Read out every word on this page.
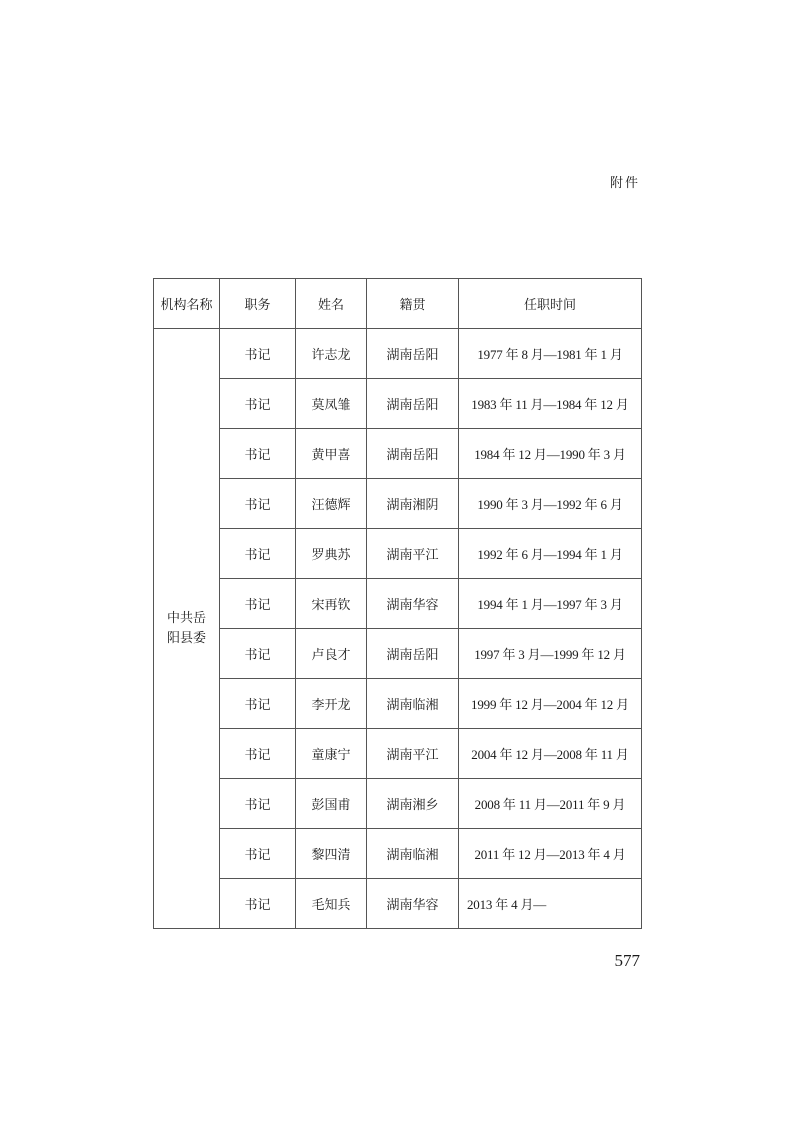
附件
机构名称	职务	姓名	籍贯	任职时间
中共岳阳县委	书记	许志龙	湖南岳阳	1977 年 8 月—1981 年 1 月
	书记	莫凤雏	湖南岳阳	1983 年 11 月—1984 年 12 月
	书记	黄甲喜	湖南岳阳	1984 年 12 月—1990 年 3 月
	书记	汪德辉	湖南湘阴	1990 年 3 月—1992 年 6 月
	书记	罗典苏	湖南平江	1992 年 6 月—1994 年 1 月
	书记	宋再钦	湖南华容	1994 年 1 月—1997 年 3 月
	书记	卢良才	湖南岳阳	1997 年 3 月—1999 年 12 月
	书记	李开龙	湖南临湘	1999 年 12 月—2004 年 12 月
	书记	童康宁	湖南平江	2004 年 12 月—2008 年 11 月
	书记	彭国甫	湖南湘乡	2008 年 11 月—2011 年 9 月
	书记	黎四清	湖南临湘	2011 年 12 月—2013 年 4 月
	书记	毛知兵	湖南华容	2013 年 4 月—
577
